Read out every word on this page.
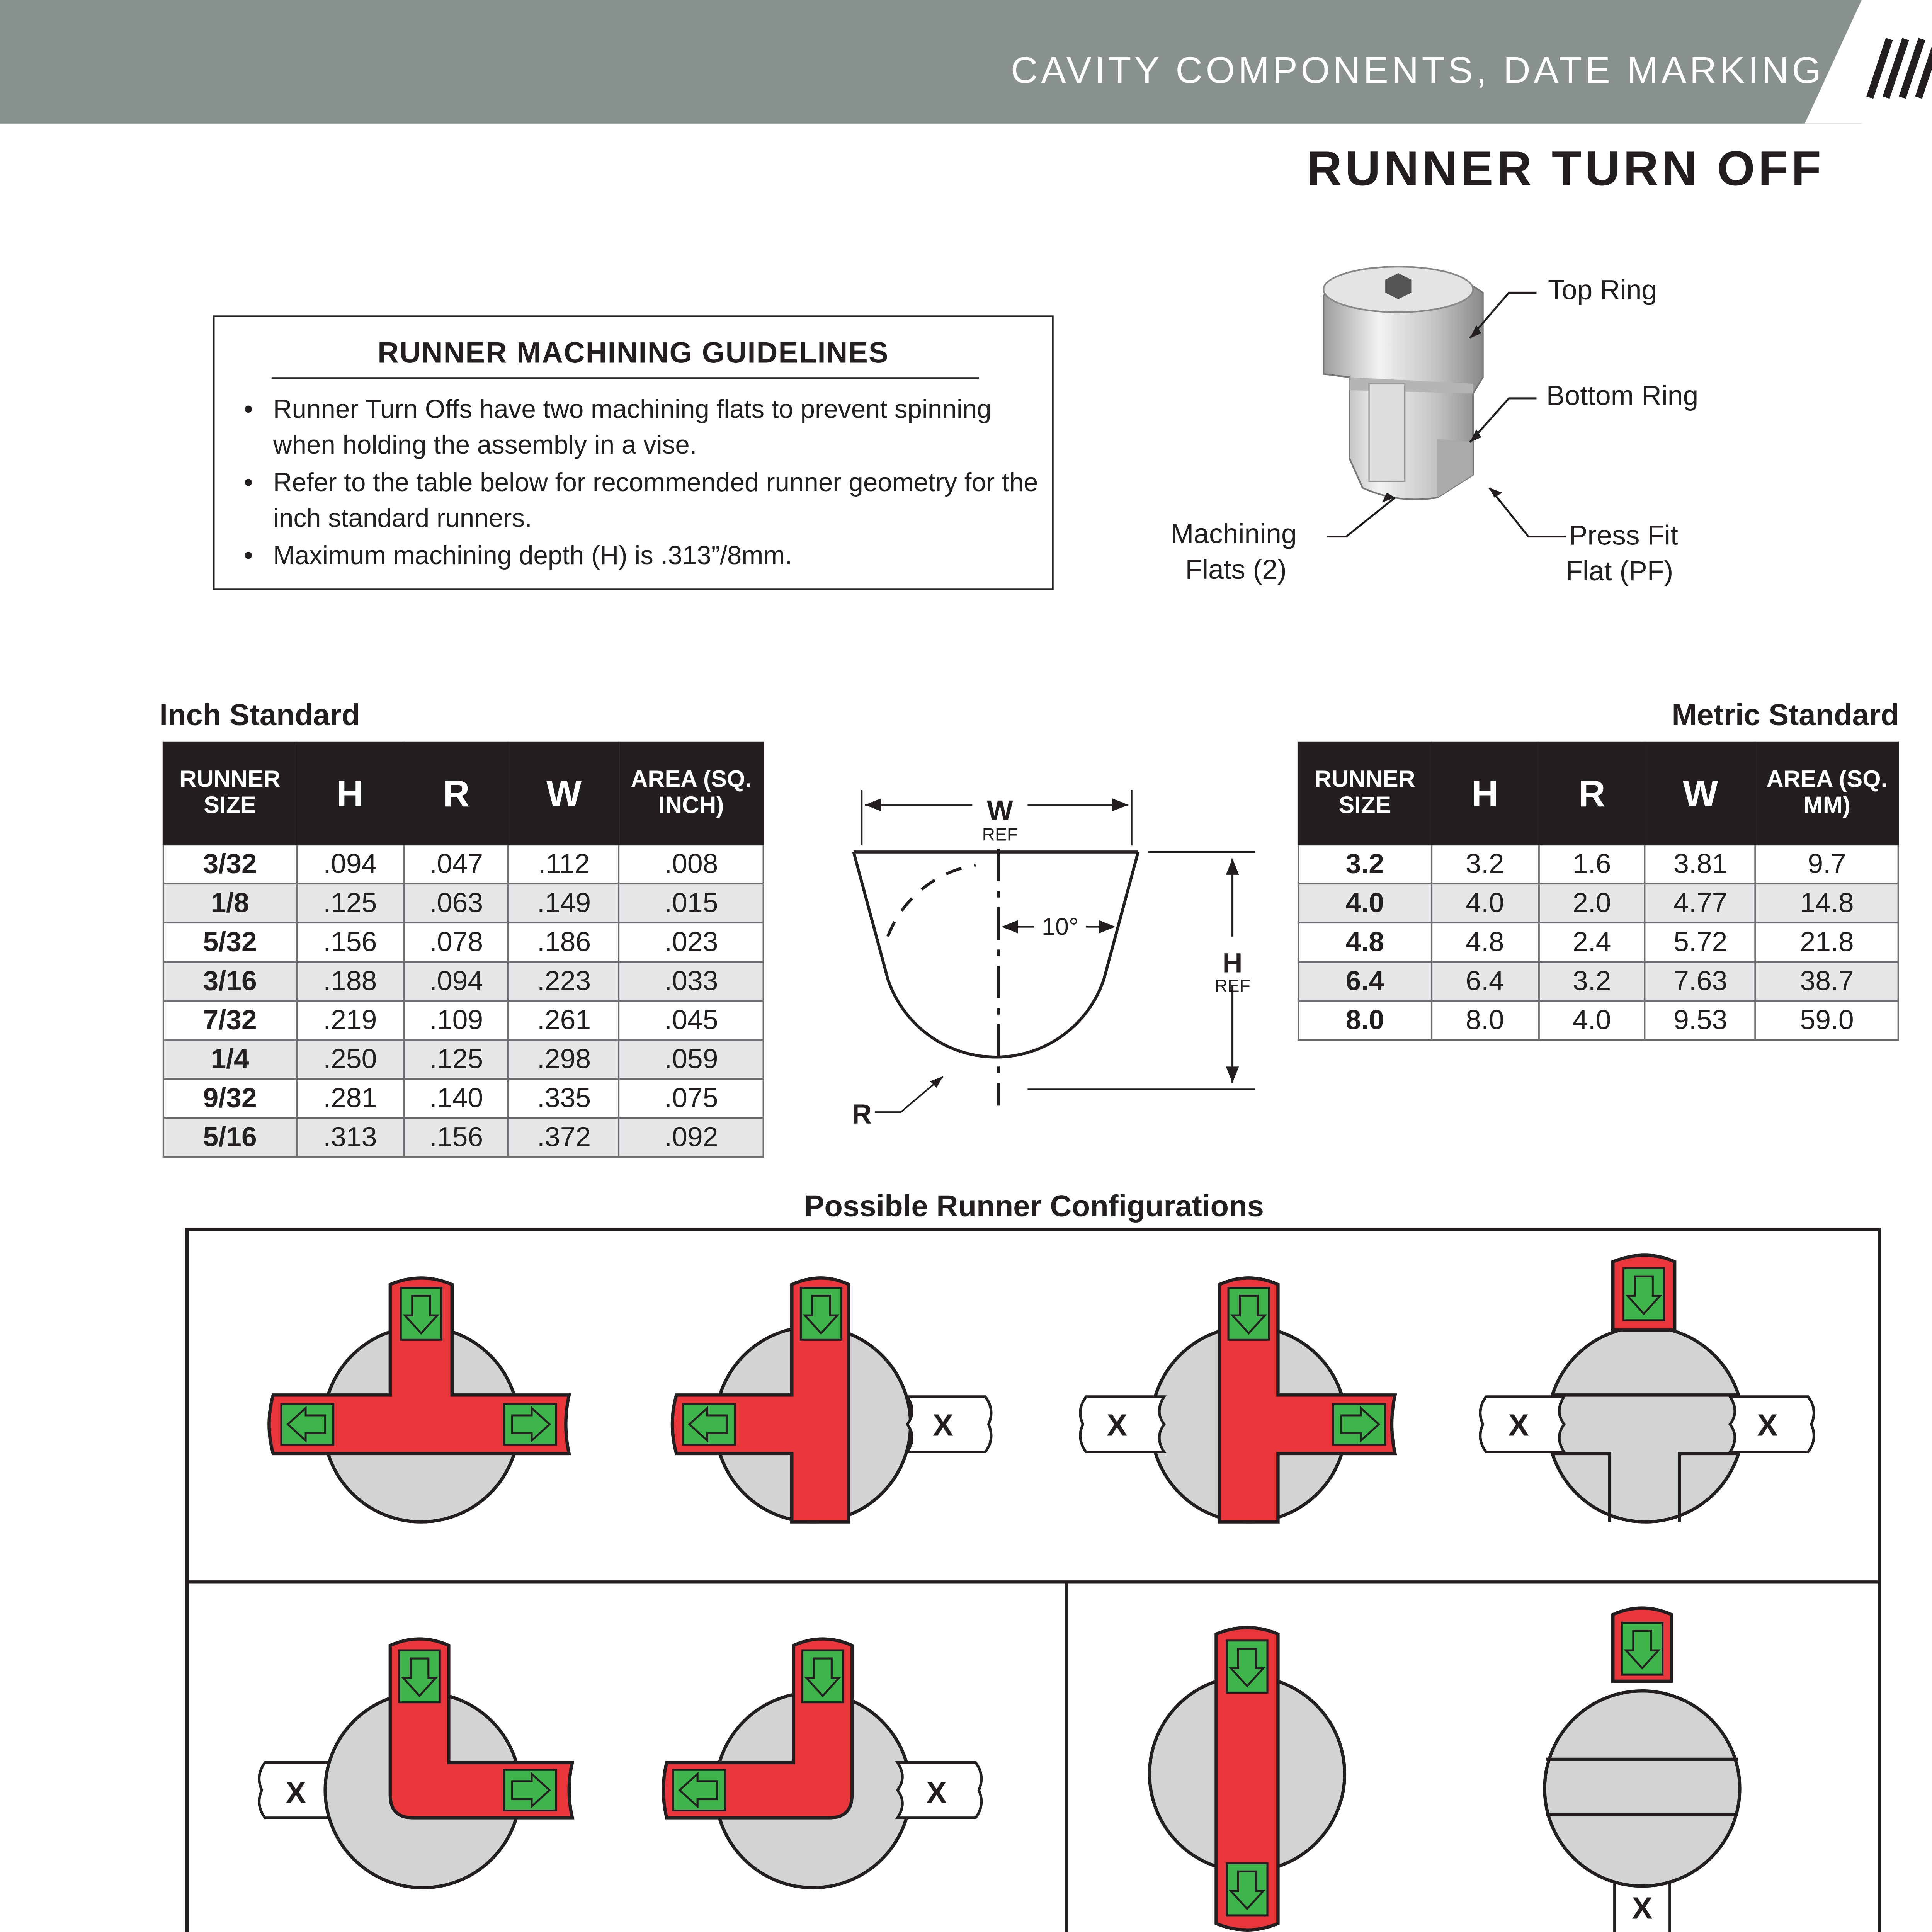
CAVITY COMPONENTS, DATE MARKING
RUNNER TURN OFF
RUNNER MACHINING GUIDELINES
•	Runner Turn Offs have two machining flats to prevent spinning when holding the assembly in a vise.
•	Refer to the table below for recommended runner geometry for the inch standard runners.
•	Maximum machining depth (H) is .313”/8mm.
Top Ring
Bottom Ring
Machining
Flats (2)
Press Fit
Flat (PF)
Inch Standard	Metric Standard
RUNNER SIZE	H	R	W	AREA (SQ. INCH)
3/32	.094	.047	.112	.008
1/8	.125	.063	.149	.015
5/32	.156	.078	.186	.023
3/16	.188	.094	.223	.033
7/32	.219	.109	.261	.045
1/4	.250	.125	.298	.059
9/32	.281	.140	.335	.075
5/16	.313	.156	.372	.092
RUNNER SIZE	H	R	W	AREA (SQ. MM)
3.2	3.2	1.6	3.81	9.7
4.0	4.0	2.0	4.77	14.8
4.8	4.8	2.4	5.72	21.8
6.4	6.4	3.2	7.63	38.7
8.0	8.0	4.0	9.53	59.0
W
REF
H
REF
10°
R
Possible Runner Configurations
X	X	X	X
X	X
X
